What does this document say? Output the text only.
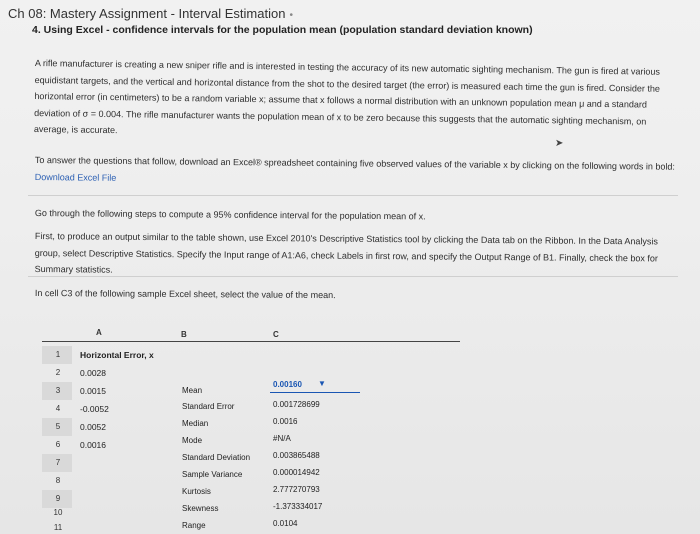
Ch 08: Mastery Assignment - Interval Estimation •
4. Using Excel - confidence intervals for the population mean (population standard deviation known)
A rifle manufacturer is creating a new sniper rifle and is interested in testing the accuracy of its new automatic sighting mechanism. The gun is fired at various equidistant targets, and the vertical and horizontal distance from the shot to the desired target (the error) is measured each time the gun is fired. Consider the horizontal error (in centimeters) to be a random variable x; assume that x follows a normal distribution with an unknown population mean μ and a standard deviation of σ = 0.004. The rifle manufacturer wants the population mean of x to be zero because this suggests that the automatic sighting mechanism, on average, is accurate.
➤
To answer the questions that follow, download an Excel® spreadsheet containing five observed values of the variable x by clicking on the following words in bold: Download Excel File
Go through the following steps to compute a 95% confidence interval for the population mean of x.
First, to produce an output similar to the table shown, use Excel 2010's Descriptive Statistics tool by clicking the Data tab on the Ribbon. In the Data Analysis group, select Descriptive Statistics. Specify the Input range of A1:A6, check Labels in first row, and specify the Output Range of B1. Finally, check the box for Summary statistics.
In cell C3 of the following sample Excel sheet, select the value of the mean.
A	B	C
1
2
3
4
5
6
7
8
9
10
11
Horizontal Error, x
0.0028
0.0015
-0.0052
0.0052
0.0016
Mean
Standard Error
Median
Mode
Standard Deviation
Sample Variance
Kurtosis
Skewness
Range
0.00160 ▼
0.001728699
0.0016
#N/A
0.003865488
0.000014942
2.777270793
-1.373334017
0.0104
